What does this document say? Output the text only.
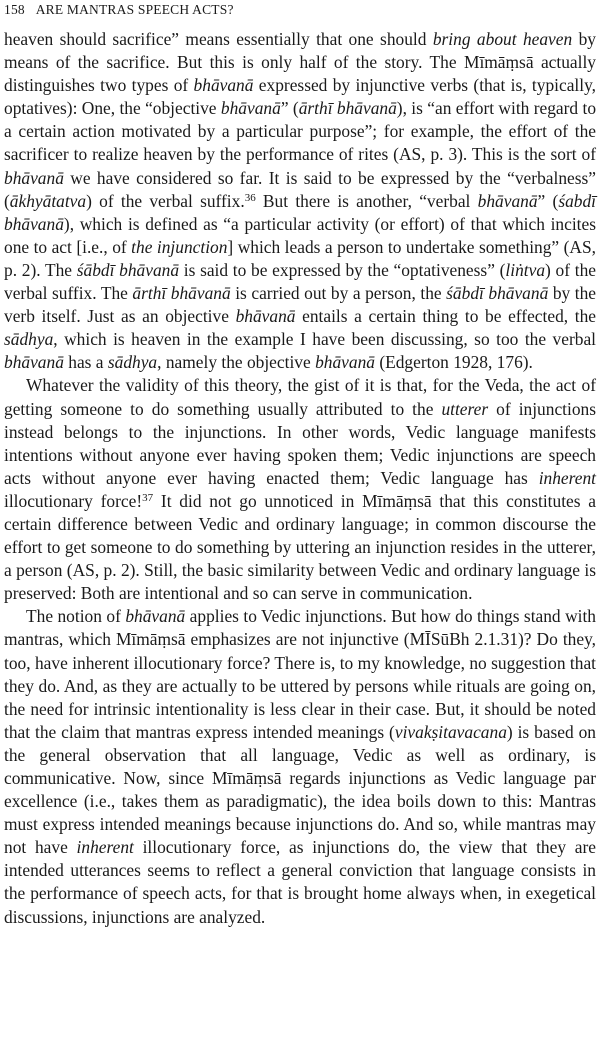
158 ARE MANTRAS SPEECH ACTS?

heaven should sacrifice” means essentially that one should bring about heaven by means of the sacrifice. But this is only half of the story. The Mīmāṃsā actually distinguishes two types of bhāvanā expressed by injunctive verbs (that is, typically, optatives): One, the “objective bhāvanā” (ārthī bhāvanā), is “an effort with regard to a certain action motivated by a particular purpose”; for example, the effort of the sacrificer to realize heaven by the performance of rites (AS, p. 3). This is the sort of bhāvanā we have considered so far. It is said to be expressed by the “verbalness” (ākhyātatva) of the verbal suffix.$^{36}$ But there is another, “verbal bhāvanā” (śabdī bhāvanā), which is defined as “a particular activity (or effort) of that which incites one to act [i.e., of the injunction] which leads a person to undertake something” (AS, p. 2). The śābdī bhāvanā is said to be expressed by the “optativeness” (liṅtva) of the verbal suffix. The ārthī bhāvanā is carried out by a person, the śābdī bhāvanā by the verb itself. Just as an objective bhāvanā entails a certain thing to be effected, the sādhya, which is heaven in the example I have been discussing, so too the verbal bhāvanā has a sādhya, namely the objective bhāvanā (Edgerton 1928, 176).

Whatever the validity of this theory, the gist of it is that, for the Veda, the act of getting someone to do something usually attributed to the utterer of injunctions instead belongs to the injunctions. In other words, Vedic language manifests intentions without anyone ever having spoken them; Vedic injunctions are speech acts without anyone ever having enacted them; Vedic language has inherent illocutionary force!$^{37}$ It did not go unnoticed in Mīmāṃsā that this constitutes a certain difference between Vedic and ordinary language; in common discourse the effort to get someone to do something by uttering an injunction resides in the utterer, a person (AS, p. 2). Still, the basic similarity between Vedic and ordinary language is preserved: Both are intentional and so can serve in communication.

The notion of bhāvanā applies to Vedic injunctions. But how do things stand with mantras, which Mīmāṃsā emphasizes are not injunctive (MĪSūBh 2.1.31)? Do they, too, have inherent illocutionary force? There is, to my knowledge, no suggestion that they do. And, as they are actually to be uttered by persons while rituals are going on, the need for intrinsic intentionality is less clear in their case. But, it should be noted that the claim that mantras express intended meanings (vivakṣitavacana) is based on the general observation that all language, Vedic as well as ordinary, is communicative. Now, since Mīmāṃsā regards injunctions as Vedic language par excellence (i.e., takes them as paradigmatic), the idea boils down to this: Mantras must express intended meanings because injunctions do. And so, while mantras may not have inherent illocutionary force, as injunctions do, the view that they are intended utterances seems to reflect a general conviction that language consists in the performance of speech acts, for that is brought home always when, in exegetical discussions, injunctions are analyzed.
